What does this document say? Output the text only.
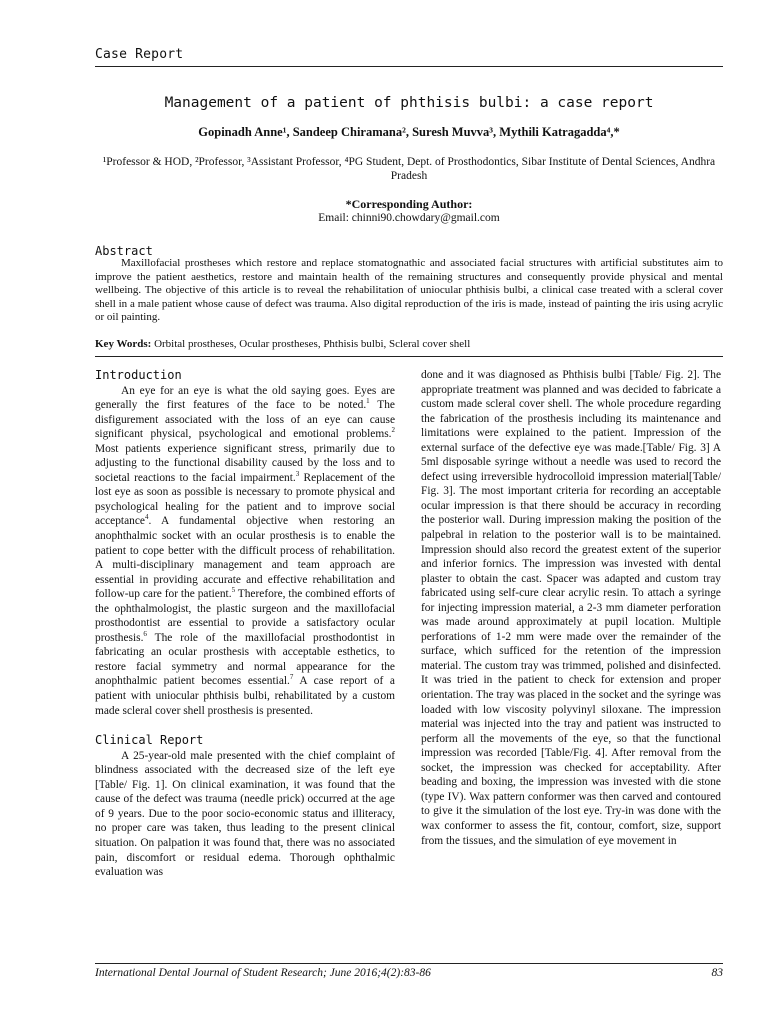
Case Report
Management of a patient of phthisis bulbi: a case report
Gopinadh Anne¹, Sandeep Chiramana², Suresh Muvva³, Mythili Katragadda⁴,*
¹Professor & HOD, ²Professor, ³Assistant Professor, ⁴PG Student, Dept. of Prosthodontics, Sibar Institute of Dental Sciences, Andhra Pradesh
*Corresponding Author:
Email: chinni90.chowdary@gmail.com
Abstract

Maxillofacial prostheses which restore and replace stomatognathic and associated facial structures with artificial substitutes aim to improve the patient aesthetics, restore and maintain health of the remaining structures and consequently provide physical and mental wellbeing. The objective of this article is to reveal the rehabilitation of uniocular phthisis bulbi, a clinical case treated with a scleral cover shell in a male patient whose cause of defect was trauma. Also digital reproduction of the iris is made, instead of painting the iris using acrylic or oil painting.

Key Words: Orbital prostheses, Ocular prostheses, Phthisis bulbi, Scleral cover shell
Introduction

An eye for an eye is what the old saying goes. Eyes are generally the first features of the face to be noted.$^1$ The disfigurement associated with the loss of an eye can cause significant physical, psychological and emotional problems.$^2$ Most patients experience significant stress, primarily due to adjusting to the functional disability caused by the loss and to societal reactions to the facial impairment.$^3$ Replacement of the lost eye as soon as possible is necessary to promote physical and psychological healing for the patient and to improve social acceptance$^4$. A fundamental objective when restoring an anophthalmic socket with an ocular prosthesis is to enable the patient to cope better with the difficult process of rehabilitation. A multi-disciplinary management and team approach are essential in providing accurate and effective rehabilitation and follow-up care for the patient.$^5$ Therefore, the combined efforts of the ophthalmologist, the plastic surgeon and the maxillofacial prosthodontist are essential to provide a satisfactory ocular prosthesis.$^6$ The role of the maxillofacial prosthodontist in fabricating an ocular prosthesis with acceptable esthetics, to restore facial symmetry and normal appearance for the anophthalmic patient becomes essential.$^7$ A case report of a patient with uniocular phthisis bulbi, rehabilitated by a custom made scleral cover shell prosthesis is presented.

Clinical Report

A 25-year-old male presented with the chief complaint of blindness associated with the decreased size of the left eye [Table/ Fig. 1]. On clinical examination, it was found that the cause of the defect was trauma (needle prick) occurred at the age of 9 years. Due to the poor socio-economic status and illiteracy, no proper care was taken, thus leading to the present clinical situation. On palpation it was found that, there was no associated pain, discomfort or residual edema. Thorough ophthalmic evaluation was

done and it was diagnosed as Phthisis bulbi [Table/ Fig. 2]. The appropriate treatment was planned and was decided to fabricate a custom made scleral cover shell. The whole procedure regarding the fabrication of the prosthesis including its maintenance and limitations were explained to the patient. Impression of the external surface of the defective eye was made.[Table/ Fig. 3] A 5ml disposable syringe without a needle was used to record the defect using irreversible hydrocolloid impression material[Table/ Fig. 3]. The most important criteria for recording an acceptable ocular impression is that there should be accuracy in recording the posterior wall. During impression making the position of the palpebral in relation to the posterior wall is to be maintained. Impression should also record the greatest extent of the superior and inferior fornics. The impression was invested with dental plaster to obtain the cast. Spacer was adapted and custom tray fabricated using self-cure clear acrylic resin. To attach a syringe for injecting impression material, a 2-3 mm diameter perforation was made around approximately at pupil location. Multiple perforations of 1-2 mm were made over the remainder of the surface, which sufficed for the retention of the impression material. The custom tray was trimmed, polished and disinfected. It was tried in the patient to check for extension and proper orientation. The tray was placed in the socket and the syringe was loaded with low viscosity polyvinyl siloxane. The impression material was injected into the tray and patient was instructed to perform all the movements of the eye, so that the functional impression was recorded [Table/Fig. 4]. After removal from the socket, the impression was checked for acceptability. After beading and boxing, the impression was invested with die stone (type IV). Wax pattern conformer was then carved and contoured to give it the simulation of the lost eye. Try-in was done with the wax conformer to assess the fit, contour, comfort, size, support from the tissues, and the simulation of eye movement in

International Dental Journal of Student Research; June 2016;4(2):83-86	83
